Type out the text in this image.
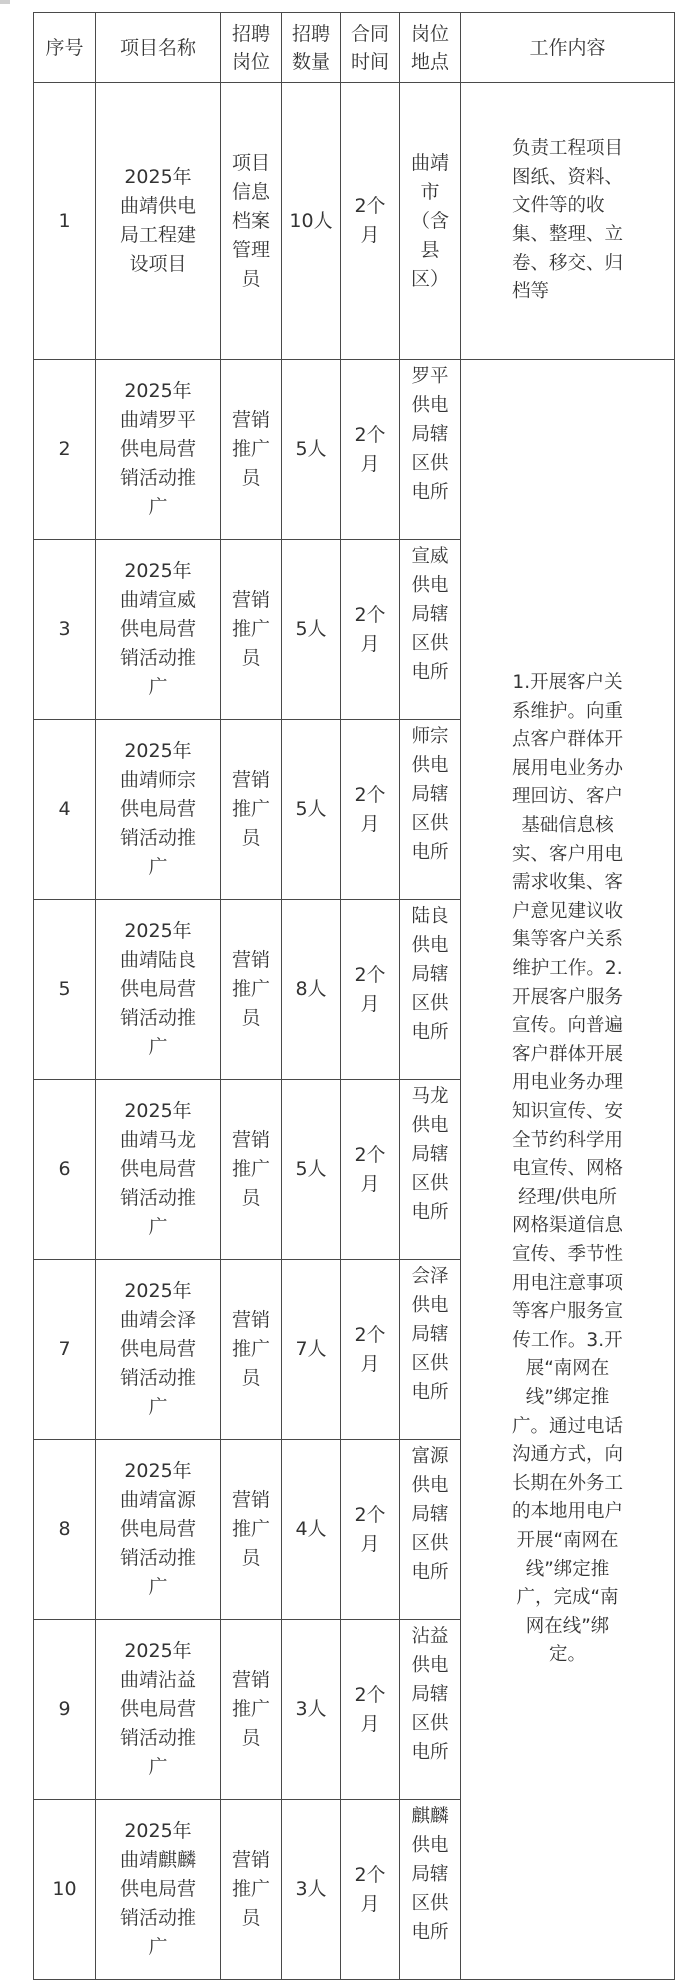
序号	项目名称	招聘岗位	招聘数量	合同时间	岗位地点	工作内容
1	2025年曲靖供电局工程建设项目	项目信息档案管理员	10人	2个月	曲靖市（含县区）	负责工程项目图纸、资料、文件等的收集、整理、立卷、移交、归档等

2	2025年曲靖罗平供电局营销活动推广	营销推广员	5人	2个月	罗平供电局辖区供电所	1.开展客户关系维护。向重点客户群体开展用电业务办理回访、客户基础信息核实、客户用电需求收集、客户意见建议收集等客户关系维护工作。2.开展客户服务宣传。向普遍客户群体开展用电业务办理知识宣传、安全节约科学用电宣传、网格经理/供电所网格渠道信息宣传、季节性用电注意事项等客户服务宣传工作。3.开展“南网在线”绑定推广。通过电话沟通方式，向长期在外务工的本地用电户开展“南网在线”绑定推广，完成“南网在线”绑定。

3	2025年曲靖宣威供电局营销活动推广	营销推广员	5人	2个月	宣威供电局辖区供电所	
4	2025年曲靖师宗供电局营销活动推广	营销推广员	5人	2个月	师宗供电局辖区供电所	
5	2025年曲靖陆良供电局营销活动推广	营销推广员	8人	2个月	陆良供电局辖区供电所	
6	2025年曲靖马龙供电局营销活动推广	营销推广员	5人	2个月	马龙供电局辖区供电所	
7	2025年曲靖会泽供电局营销活动推广	营销推广员	7人	2个月	会泽供电局辖区供电所	
8	2025年曲靖富源供电局营销活动推广	营销推广员	4人	2个月	富源供电局辖区供电所	
9	2025年曲靖沾益供电局营销活动推广	营销推广员	3人	2个月	沾益供电局辖区供电所	
10	2025年曲靖麒麟供电局营销活动推广	营销推广员	3人	2个月	麒麟供电局辖区供电所	
